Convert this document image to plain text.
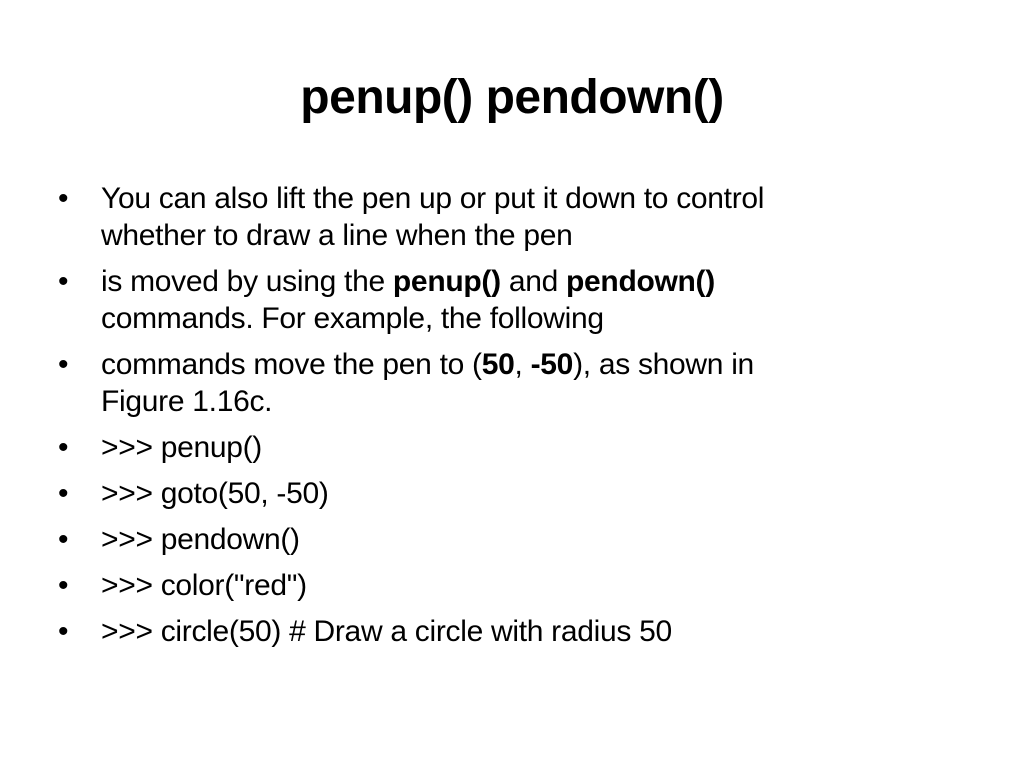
penup() pendown()
•	You can also lift the pen up or put it down to control
whether to draw a line when the pen
•	is moved by using the penup() and pendown()
commands. For example, the following
•	commands move the pen to (50, -50), as shown in
Figure 1.16c.
•	>>> penup()
•	>>> goto(50, -50)
•	>>> pendown()
•	>>> color("red")
•	>>> circle(50) # Draw a circle with radius 50
